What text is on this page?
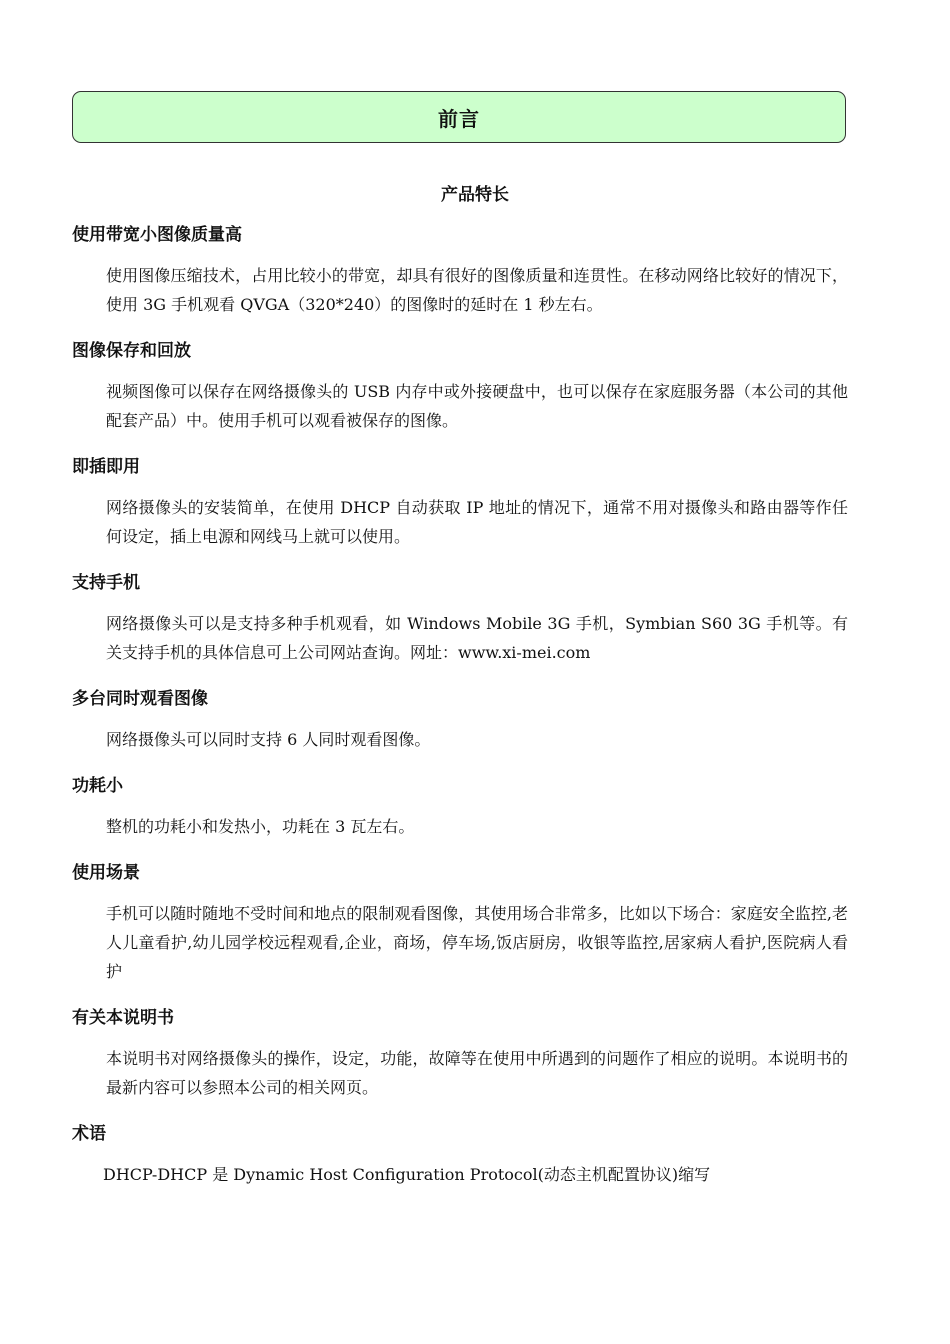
前言
产品特长
使用带宽小图像质量高

使用图像压缩技术，占用比较小的带宽，却具有很好的图像质量和连贯性。在移动网络比较好的情况下，使用 3G 手机观看 QVGA（320*240）的图像时的延时在 1 秒左右。

图像保存和回放

视频图像可以保存在网络摄像头的 USB 内存中或外接硬盘中，也可以保存在家庭服务器（本公司的其他配套产品）中。使用手机可以观看被保存的图像。

即插即用

网络摄像头的安装简单，在使用 DHCP 自动获取 IP 地址的情况下，通常不用对摄像头和路由器等作任何设定，插上电源和网线马上就可以使用。

支持手机

网络摄像头可以是支持多种手机观看，如 Windows Mobile 3G 手机，Symbian S60 3G 手机等。有关支持手机的具体信息可上公司网站查询。网址：www.xi-mei.com

多台同时观看图像

网络摄像头可以同时支持 6 人同时观看图像。

功耗小

整机的功耗小和发热小，功耗在 3 瓦左右。

使用场景

手机可以随时随地不受时间和地点的限制观看图像，其使用场合非常多，比如以下场合：家庭安全监控,老人儿童看护,幼儿园学校远程观看,企业，商场，停车场,饭店厨房，收银等监控,居家病人看护,医院病人看护

有关本说明书

本说明书对网络摄像头的操作，设定，功能，故障等在使用中所遇到的问题作了相应的说明。本说明书的最新内容可以参照本公司的相关网页。

术语

DHCP-DHCP 是 Dynamic Host Configuration Protocol(动态主机配置协议)缩写
